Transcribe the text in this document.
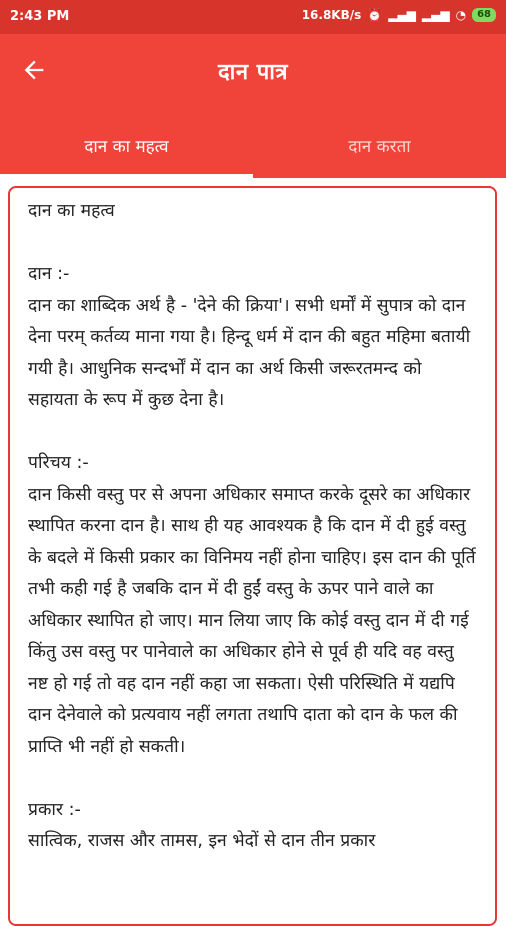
2:43 PM	16.8KB/s ⏰ ▂▄▆ ▂▄▆ ◔	68
दान पात्र
दान का महत्व	दान करता

दान का महत्व

दान :-
दान का शाब्दिक अर्थ है - 'देने की क्रिया'। सभी धर्मों में सुपात्र को दान देना परम् कर्तव्य माना गया है। हिन्दू धर्म में दान की बहुत महिमा बतायी गयी है। आधुनिक सन्दर्भों में दान का अर्थ किसी जरूरतमन्द को सहायता के रूप में कुछ देना है।

परिचय :-
दान किसी वस्तु पर से अपना अधिकार समाप्त करके दूसरे का अधिकार स्थापित करना दान है। साथ ही यह आवश्यक है कि दान में दी हुई वस्तु के बदले में किसी प्रकार का विनिमय नहीं होना चाहिए। इस दान की पूर्ति तभी कही गई है जबकि दान में दी हुईं वस्तु के ऊपर पाने वाले का अधिकार स्थापित हो जाए। मान लिया जाए कि कोई वस्तु दान में दी गई किंतु उस वस्तु पर पानेवाले का अधिकार होने से पूर्व ही यदि वह वस्तु नष्ट हो गई तो वह दान नहीं कहा जा सकता। ऐसी परिस्थिति में यद्यपि दान देनेवाले को प्रत्यवाय नहीं लगता तथापि दाता को दान के फल की प्राप्ति भी नहीं हो सकती।

प्रकार :-
सात्विक, राजस और तामस, इन भेदों से दान तीन प्रकार
